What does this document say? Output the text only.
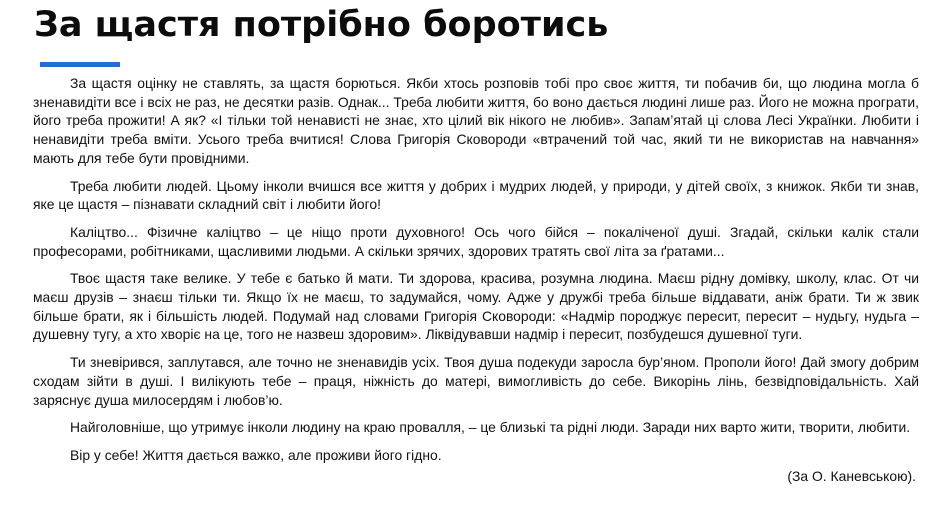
За щастя потрібно боротись

За щастя оцінку не ставлять, за щастя борються. Якби хтось розповів тобі про своє життя, ти побачив би, що людина могла б зненавидіти все і всіх не раз, не десятки разів. Однак... Треба любити життя, бо воно дається людині лише раз. Його не можна програти, його треба прожити! А як? «І тільки той ненависті не знає, хто цілий вік нікого не любив». Запам’ятай ці слова Лесі Українки. Любити і ненавидіти треба вміти. Усього треба вчитися! Слова Григорія Сковороди «втрачений той час, який ти не використав на навчання» мають для тебе бути провідними.

Треба любити людей. Цьому інколи вчишся все життя у добрих і мудрих людей, у природи, у дітей своїх, з книжок. Якби ти знав, яке це щастя – пізнавати складний світ і любити його!

Каліцтво... Фізичне каліцтво – це ніщо проти духовного! Ось чого бійся – покаліченої душі. Згадай, скільки калік стали професорами, робітниками, щасливими людьми. А скільки зрячих, здорових тратять свої літа за ґратами...

Твоє щастя таке велике. У тебе є батько й мати. Ти здорова, красива, розумна людина. Маєш рідну домівку, школу, клас. От чи маєш друзів – знаєш тільки ти. Якщо їх не маєш, то задумайся, чому. Адже у дружбі треба більше віддавати, аніж брати. Ти ж звик більше брати, як і більшість людей. Подумай над словами Григорія Сковороди: «Надмір породжує пересит, пересит – нудьгу, нудьга – душевну тугу, а хто хворіє на це, того не назвеш здоровим». Ліквідувавши надмір і пересит, позбудешся душевної туги.

Ти зневірився, заплутався, але точно не зненавидів усіх. Твоя душа подекуди заросла бур’яном. Прополи його! Дай змогу добрим сходам зійти в душі. І вилікують тебе – праця, ніжність до матері, вимогливість до себе. Викорінь лінь, безвідповідальність. Хай заряснує душа милосердям і любов’ю.

Найголовніше, що утримує інколи людину на краю провалля, – це близькі та рідні люди. Заради них варто жити, творити, любити.

Вір у себе! Життя дається важко, але проживи його гідно.

(За О. Каневською).
